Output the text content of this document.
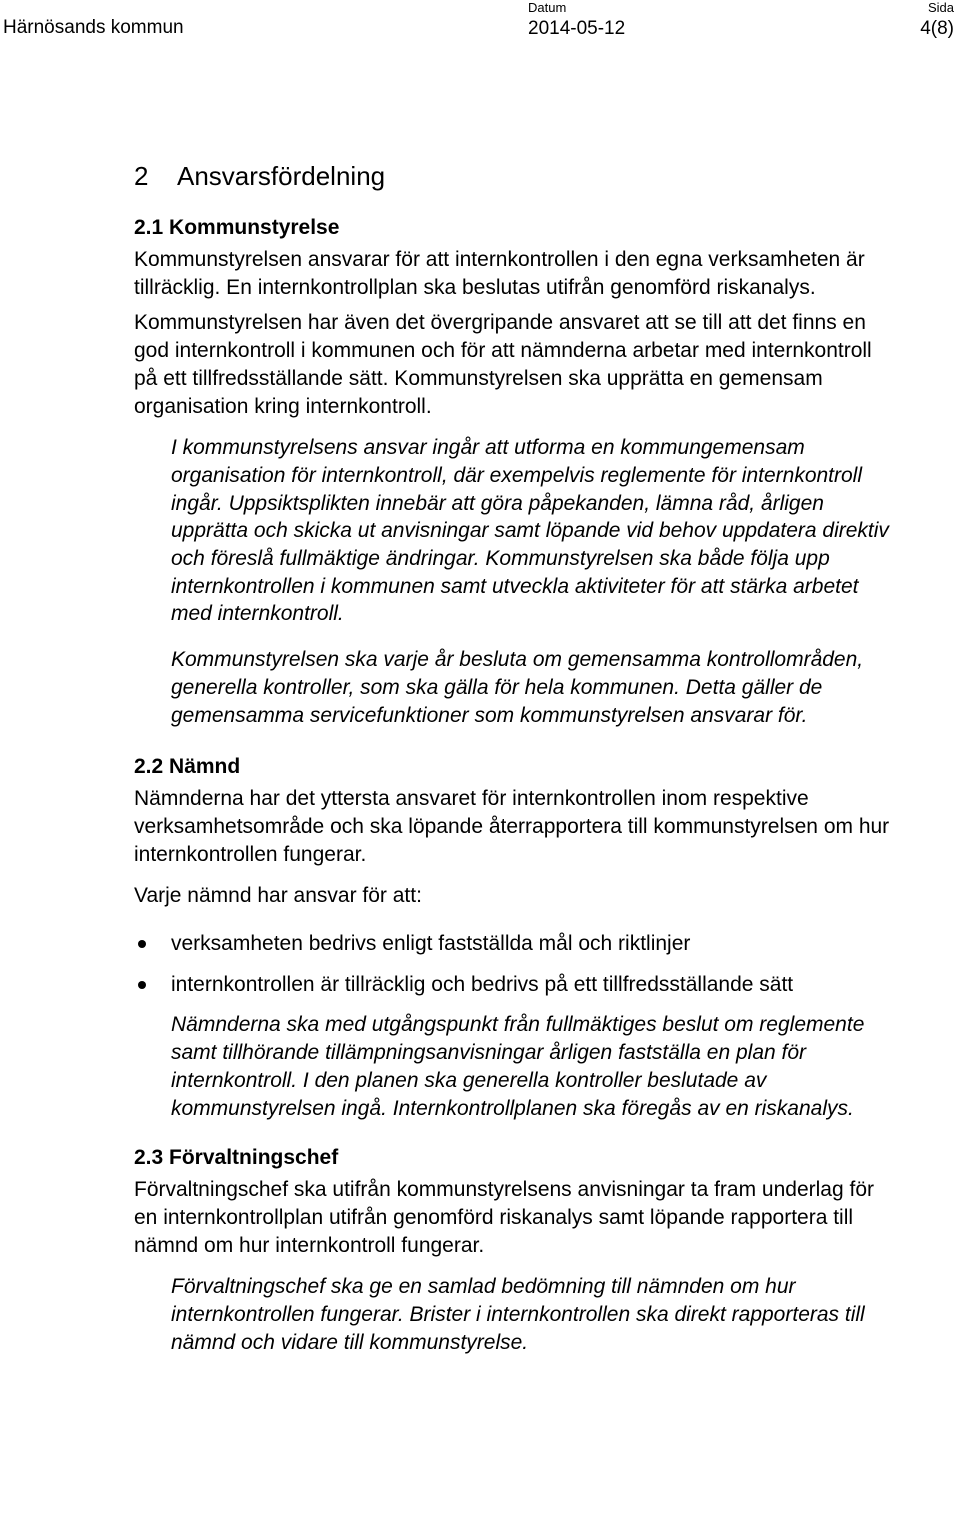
Härnösands kommun
Datum
2014-05-12
Sida
4(8)
2 Ansvarsfördelning
2.1 Kommunstyrelse

Kommunstyrelsen ansvarar för att internkontrollen i den egna verksamheten är tillräcklig. En internkontrollplan ska beslutas utifrån genomförd riskanalys.

Kommunstyrelsen har även det övergripande ansvaret att se till att det finns en god internkontroll i kommunen och för att nämnderna arbetar med internkontroll på ett tillfredsställande sätt. Kommunstyrelsen ska upprätta en gemensam organisation kring internkontroll.

I kommunstyrelsens ansvar ingår att utforma en kommungemensam organisation för internkontroll, där exempelvis reglemente för internkontroll ingår. Uppsiktsplikten innebär att göra påpekanden, lämna råd, årligen upprätta och skicka ut anvisningar samt löpande vid behov uppdatera direktiv och föreslå fullmäktige ändringar. Kommunstyrelsen ska både följa upp internkontrollen i kommunen samt utveckla aktiviteter för att stärka arbetet med internkontroll.

Kommunstyrelsen ska varje år besluta om gemensamma kontrollområden, generella kontroller, som ska gälla för hela kommunen. Detta gäller de gemensamma servicefunktioner som kommunstyrelsen ansvarar för.

2.2 Nämnd

Nämnderna har det yttersta ansvaret för internkontrollen inom respektive verksamhetsområde och ska löpande återrapportera till kommunstyrelsen om hur internkontrollen fungerar.

Varje nämnd har ansvar för att:

verksamheten bedrivs enligt fastställda mål och riktlinjer
internkontrollen är tillräcklig och bedrivs på ett tillfredsställande sätt

Nämnderna ska med utgångspunkt från fullmäktiges beslut om reglemente samt tillhörande tillämpningsanvisningar årligen fastställa en plan för internkontroll. I den planen ska generella kontroller beslutade av kommunstyrelsen ingå. Internkontrollplanen ska föregås av en riskanalys.

2.3 Förvaltningschef

Förvaltningschef ska utifrån kommunstyrelsens anvisningar ta fram underlag för en internkontrollplan utifrån genomförd riskanalys samt löpande rapportera till nämnd om hur internkontroll fungerar.

Förvaltningschef ska ge en samlad bedömning till nämnden om hur internkontrollen fungerar. Brister i internkontrollen ska direkt rapporteras till nämnd och vidare till kommunstyrelse.
